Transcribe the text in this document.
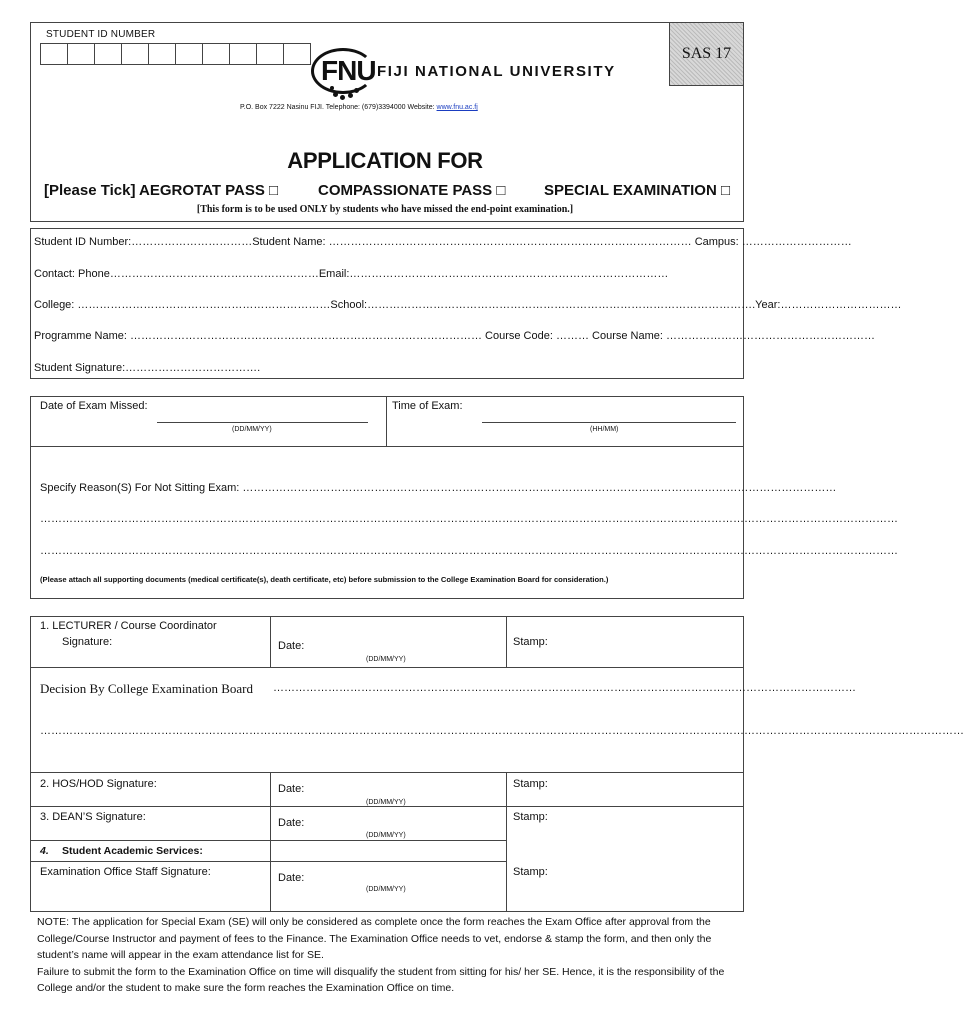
STUDENT ID NUMBER
SAS 17
FNU FIJI NATIONAL UNIVERSITY
P.O. Box 7222 Nasinu FIJI. Telephone: (679)3394000 Website: www.fnu.ac.fj
APPLICATION FOR
[Please Tick] AEGROTAT PASS □	COMPASSIONATE PASS □	SPECIAL EXAMINATION □
[This form is to be used ONLY by students who have missed the end-point examination.]
Student ID Number:……………………………Student Name: ……………………………………………………………………………………… Campus: …………………………
Contact: Phone…………………………………………………Email:……………………………………………………………………………
College: ……………………………………………………………School:…………………………………………………………………………………………….Year:……………………………
Programme Name: …………………………………………………………………………………… Course Code: ……… Course Name: …………………………………………………
Student Signature:……………………………….
Date of Exam Missed:
(DD/MM/YY)
Time of Exam:
(HH/MM)
Specify Reason(S) For Not Sitting Exam: ………………………………………………………………………………………………………………………………………………
………………………………………………………………………………………………………………………………………………………………………………………………………………
………………………………………………………………………………………………………………………………………………………………………………………………………………
(Please attach all supporting documents (medical certificate(s), death certificate, etc) before submission to the College Examination Board for consideration.)
1. LECTURER / Course Coordinator
Signature:	Date:
(DD/MM/YY)
Stamp:
Decision By College Examination Board ……………………………………………………………………………………………………………………………………………
………………………………………………………………………………………………………………………………………………………………………………………………………………………………
2. HOS/HOD Signature:	Date:
(DD/MM/YY)
Stamp:
3. DEAN’S Signature:	Date:
(DD/MM/YY)
Stamp:
4. Student Academic Services:
Examination Office Staff Signature:	Date:
(DD/MM/YY)
Stamp:
NOTE: The application for Special Exam (SE) will only be considered as complete once the form reaches the Exam Office after approval from the College/Course Instructor and payment of fees to the Finance. The Examination Office needs to vet, endorse & stamp the form, and then only the student’s name will appear in the exam attendance list for SE.
Failure to submit the form to the Examination Office on time will disqualify the student from sitting for his/ her SE. Hence, it is the responsibility of the College and/or the student to make sure the form reaches the Examination Office on time.
